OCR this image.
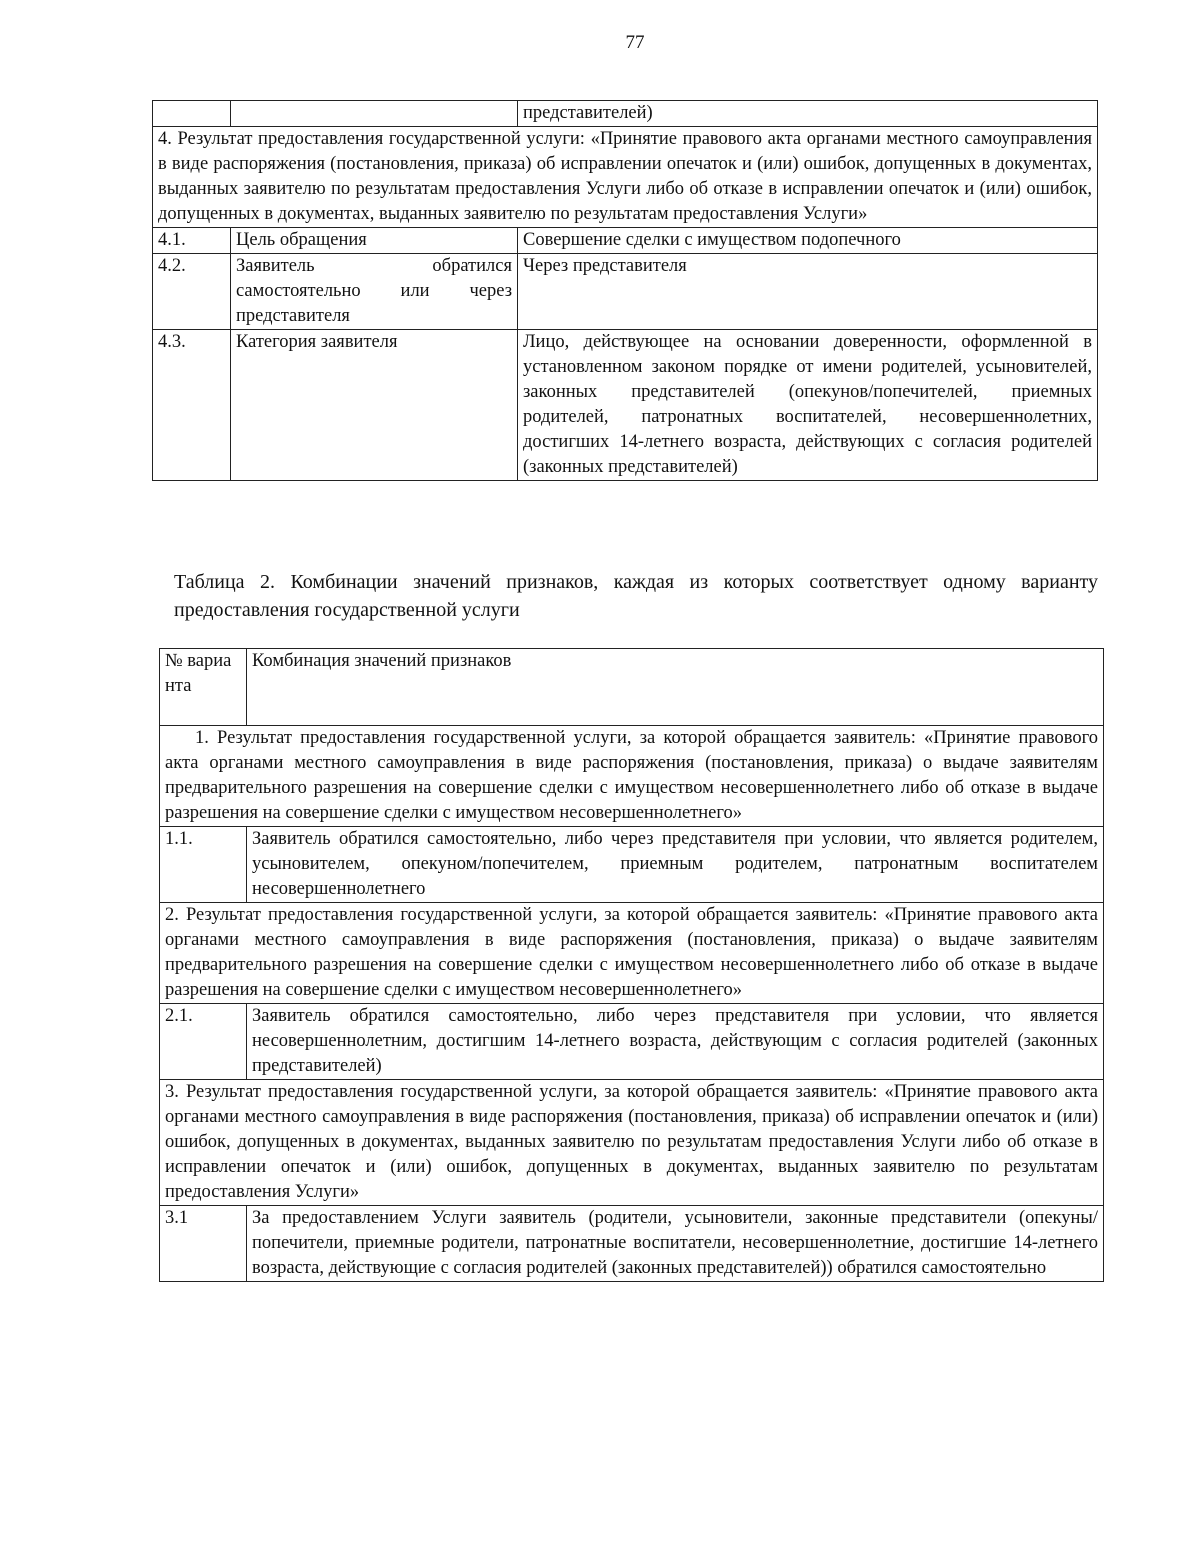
77
		представителей)
4. Результат предоставления государственной услуги: «Принятие правового акта органами местного самоуправления в виде распоряжения (постановления, приказа) об исправлении опечаток и (или) ошибок, допущенных в документах, выданных заявителю по результатам предоставления Услуги либо об отказе в исправлении опечаток и (или) ошибок, допущенных в документах, выданных заявителю по результатам предоставления Услуги»		
4.1.	Цель обращения	Совершение сделки с имуществом подопечного
4.2.	Заявитель обратился самостоятельно или через представителя	Через представителя
4.3.	Категория заявителя	Лицо, действующее на основании доверенности, оформленной в установленном законом порядке от имени родителей, усыновителей, законных представителей (опекунов/попечителей, приемных родителей, патронатных воспитателей, несовершеннолетних, достигших 14-летнего возраста, действующих с согласия родителей (законных представителей)
Таблица 2. Комбинации значений признаков, каждая из которых соответствует одному варианту предоставления государственной услуги
№ варианта	Комбинация значений признаков
1. Результат предоставления государственной услуги, за которой обращается заявитель: «Принятие правового акта органами местного самоуправления в виде распоряжения (постановления, приказа) о выдаче заявителям предварительного разрешения на совершение сделки с имуществом несовершеннолетнего либо об отказе в выдаче разрешения на совершение сделки с имуществом несовершеннолетнего»	
1.1.	Заявитель обратился самостоятельно, либо через представителя при условии, что является родителем, усыновителем, опекуном/попечителем, приемным родителем, патронатным воспитателем несовершеннолетнего
2. Результат предоставления государственной услуги, за которой обращается заявитель: «Принятие правового акта органами местного самоуправления в виде распоряжения (постановления, приказа) о выдаче заявителям предварительного разрешения на совершение сделки с имуществом несовершеннолетнего либо об отказе в выдаче разрешения на совершение сделки с имуществом несовершеннолетнего»	
2.1.	Заявитель обратился самостоятельно, либо через представителя при условии, что является несовершеннолетним, достигшим 14-летнего возраста, действующим с согласия родителей (законных представителей)
3. Результат предоставления государственной услуги, за которой обращается заявитель: «Принятие правового акта органами местного самоуправления в виде распоряжения (постановления, приказа) об исправлении опечаток и (или) ошибок, допущенных в документах, выданных заявителю по результатам предоставления Услуги либо об отказе в исправлении опечаток и (или) ошибок, допущенных в документах, выданных заявителю по результатам предоставления Услуги»	
3.1	За предоставлением Услуги заявитель (родители, усыновители, законные представители (опекуны/попечители, приемные родители, патронатные воспитатели, несовершеннолетние, достигшие 14-летнего возраста, действующие с согласия родителей (законных представителей)) обратился самостоятельно
